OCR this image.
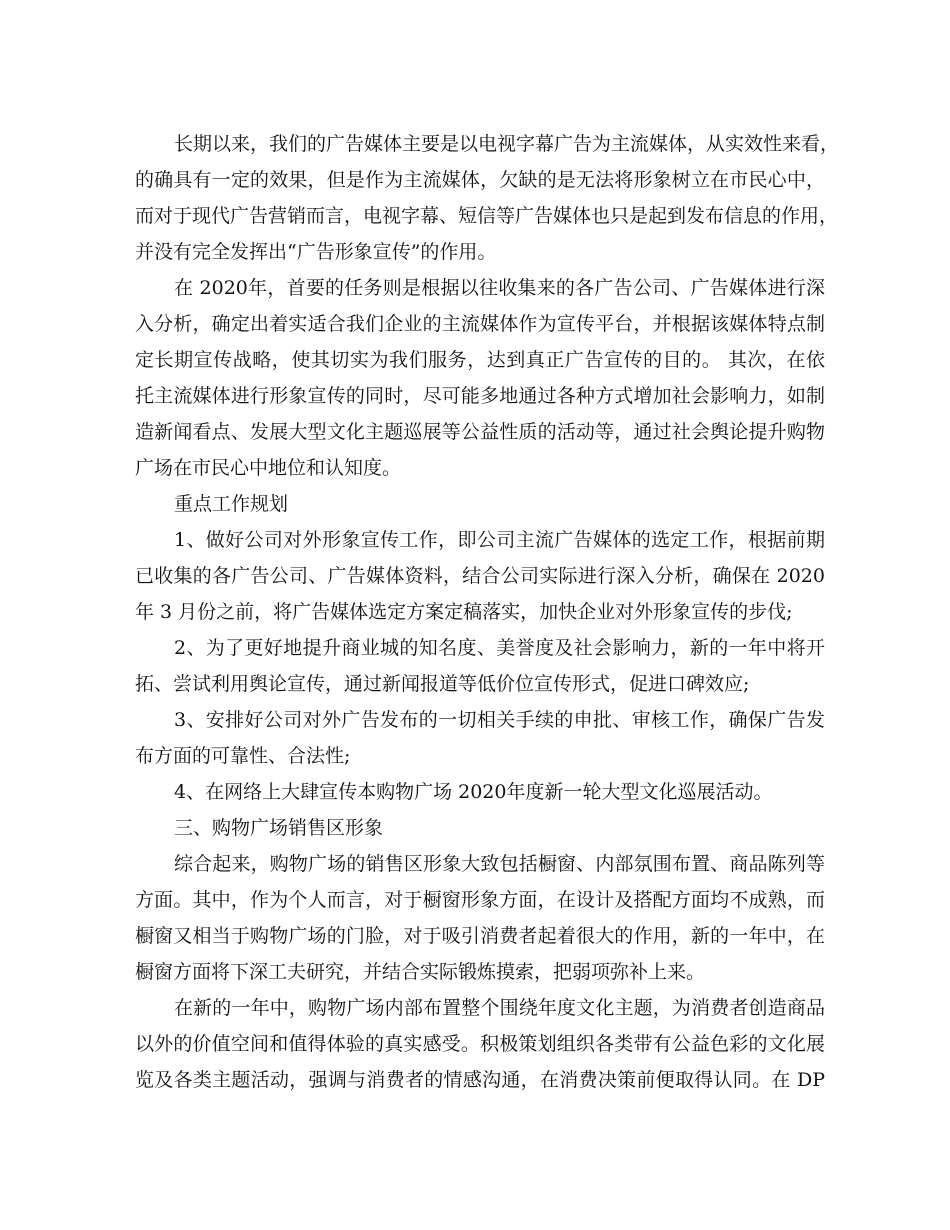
长期以来，我们的广告媒体主要是以电视字幕广告为主流媒体，从实效性来看，
的确具有一定的效果，但是作为主流媒体，欠缺的是无法将形象树立在市民心中，
而对于现代广告营销而言，电视字幕、短信等广告媒体也只是起到发布信息的作用，
并没有完全发挥出“广告形象宣传”的作用。
在 2020年，首要的任务则是根据以往收集来的各广告公司、广告媒体进行深
入分析，确定出着实适合我们企业的主流媒体作为宣传平台，并根据该媒体特点制
定长期宣传战略，使其切实为我们服务，达到真正广告宣传的目的。 其次，在依
托主流媒体进行形象宣传的同时，尽可能多地通过各种方式增加社会影响力，如制
造新闻看点、发展大型文化主题巡展等公益性质的活动等，通过社会舆论提升购物
广场在市民心中地位和认知度。
重点工作规划
1、做好公司对外形象宣传工作，即公司主流广告媒体的选定工作，根据前期
已收集的各广告公司、广告媒体资料，结合公司实际进行深入分析，确保在 2020
年 3 月份之前，将广告媒体选定方案定稿落实，加快企业对外形象宣传的步伐;
2、为了更好地提升商业城的知名度、美誉度及社会影响力，新的一年中将开
拓、尝试利用舆论宣传，通过新闻报道等低价位宣传形式，促进口碑效应;
3、安排好公司对外广告发布的一切相关手续的申批、审核工作，确保广告发
布方面的可靠性、合法性;
4、在网络上大肆宣传本购物广场 2020年度新一轮大型文化巡展活动。
三、购物广场销售区形象
综合起来，购物广场的销售区形象大致包括橱窗、内部氛围布置、商品陈列等
方面。其中，作为个人而言，对于橱窗形象方面，在设计及搭配方面均不成熟，而
橱窗又相当于购物广场的门脸，对于吸引消费者起着很大的作用，新的一年中，在
橱窗方面将下深工夫研究，并结合实际锻炼摸索，把弱项弥补上来。
在新的一年中，购物广场内部布置整个围绕年度文化主题，为消费者创造商品
以外的价值空间和值得体验的真实感受。积极策划组织各类带有公益色彩的文化展
览及各类主题活动，强调与消费者的情感沟通，在消费决策前便取得认同。在 DP
